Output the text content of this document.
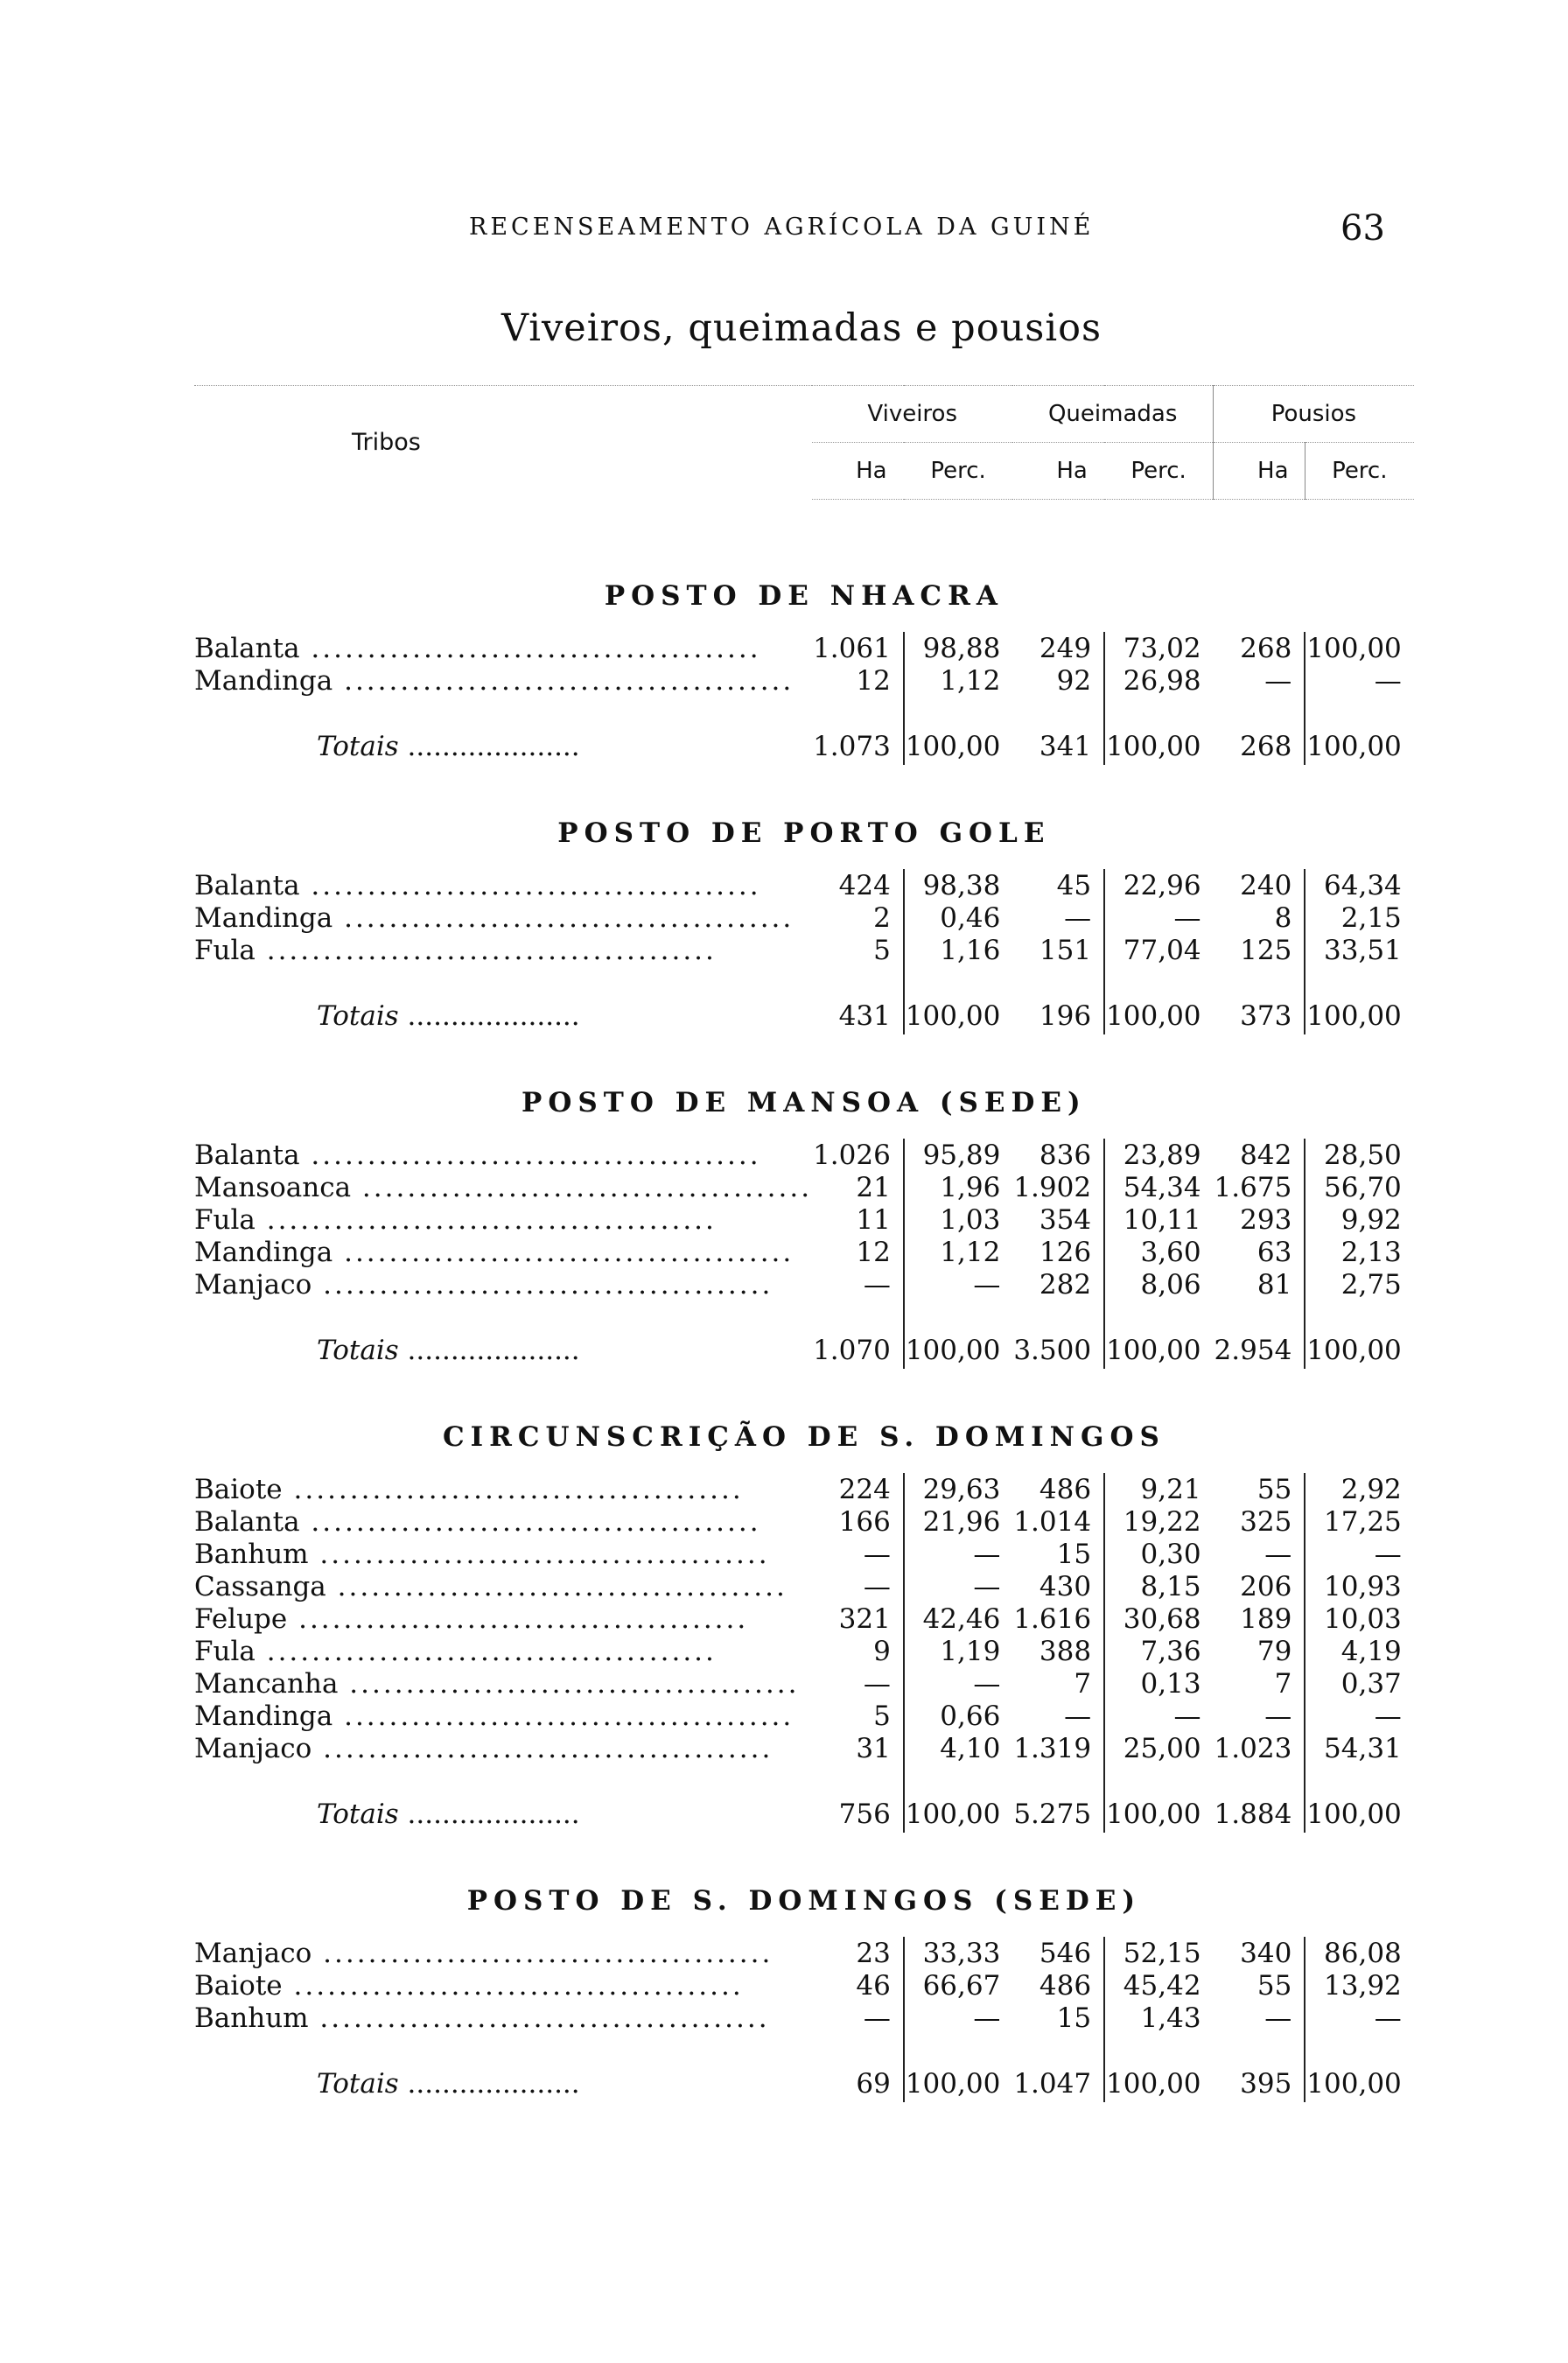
RECENSEAMENTO AGRÍCOLA DA GUINÉ	63
Viveiros, queimadas e pousios
Tribos	Viveiros		Queimadas		Pousios	
	Ha	Perc.	Ha	Perc.	Ha	Perc.
POSTO DE NHACRA						
Balanta ........................................	1.061	98,88	249	73,02	268	100,00
Mandinga ........................................	12	1,12	92	26,98	—	—

Totais ....................	1.073	100,00	341	100,00	268	100,00
POSTO DE PORTO GOLE						
Balanta ........................................	424	98,38	45	22,96	240	64,34
Mandinga ........................................	2	0,46	—	—	8	2,15
Fula ........................................	5	1,16	151	77,04	125	33,51

Totais ....................	431	100,00	196	100,00	373	100,00
POSTO DE MANSOA (SEDE)						
Balanta ........................................	1.026	95,89	836	23,89	842	28,50
Mansoanca ........................................	21	1,96	1.902	54,34	1.675	56,70
Fula ........................................	11	1,03	354	10,11	293	9,92
Mandinga ........................................	12	1,12	126	3,60	63	2,13
Manjaco ........................................	—	—	282	8,06	81	2,75

Totais ....................	1.070	100,00	3.500	100,00	2.954	100,00
CIRCUNSCRIÇÃO DE S. DOMINGOS						
Baiote ........................................	224	29,63	486	9,21	55	2,92
Balanta ........................................	166	21,96	1.014	19,22	325	17,25
Banhum ........................................	—	—	15	0,30	—	—
Cassanga ........................................	—	—	430	8,15	206	10,93
Felupe ........................................	321	42,46	1.616	30,68	189	10,03
Fula ........................................	9	1,19	388	7,36	79	4,19
Mancanha ........................................	—	—	7	0,13	7	0,37
Mandinga ........................................	5	0,66	—	—	—	—
Manjaco ........................................	31	4,10	1.319	25,00	1.023	54,31

Totais ....................	756	100,00	5.275	100,00	1.884	100,00
POSTO DE S. DOMINGOS (SEDE)						
Manjaco ........................................	23	33,33	546	52,15	340	86,08
Baiote ........................................	46	66,67	486	45,42	55	13,92
Banhum ........................................	—	—	15	1,43	—	—

Totais ....................	69	100,00	1.047	100,00	395	100,00
